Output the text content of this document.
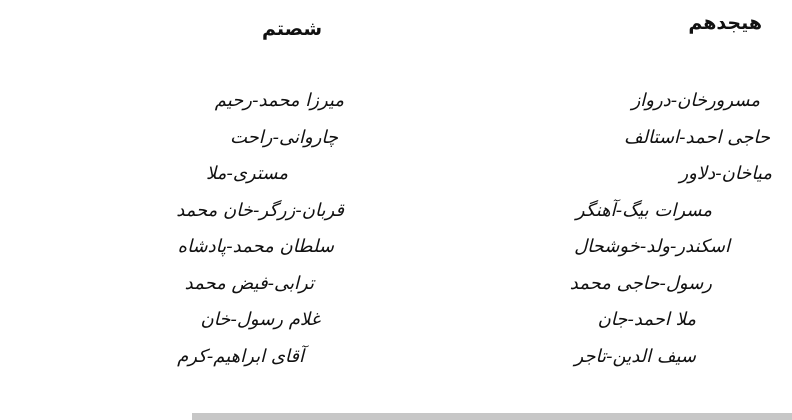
هیجدهم
شصتم
مسرورخان-درواز
حاجی احمد-استالف
میاخان-دلاور
مسرات بیگ-آهنگر
اسکندر-ولد-خوشحال
رسول-حاجی محمد
ملا احمد-جان
سیف الدین-تاجر
میرزا محمد-رحیم
چاروانی-راحت
مستری-ملا
قربان-زرگر-خان محمد
سلطان محمد-پادشاه
ترابی-فیض محمد
غلام رسول-خان
آقای ابراهیم-کرم
